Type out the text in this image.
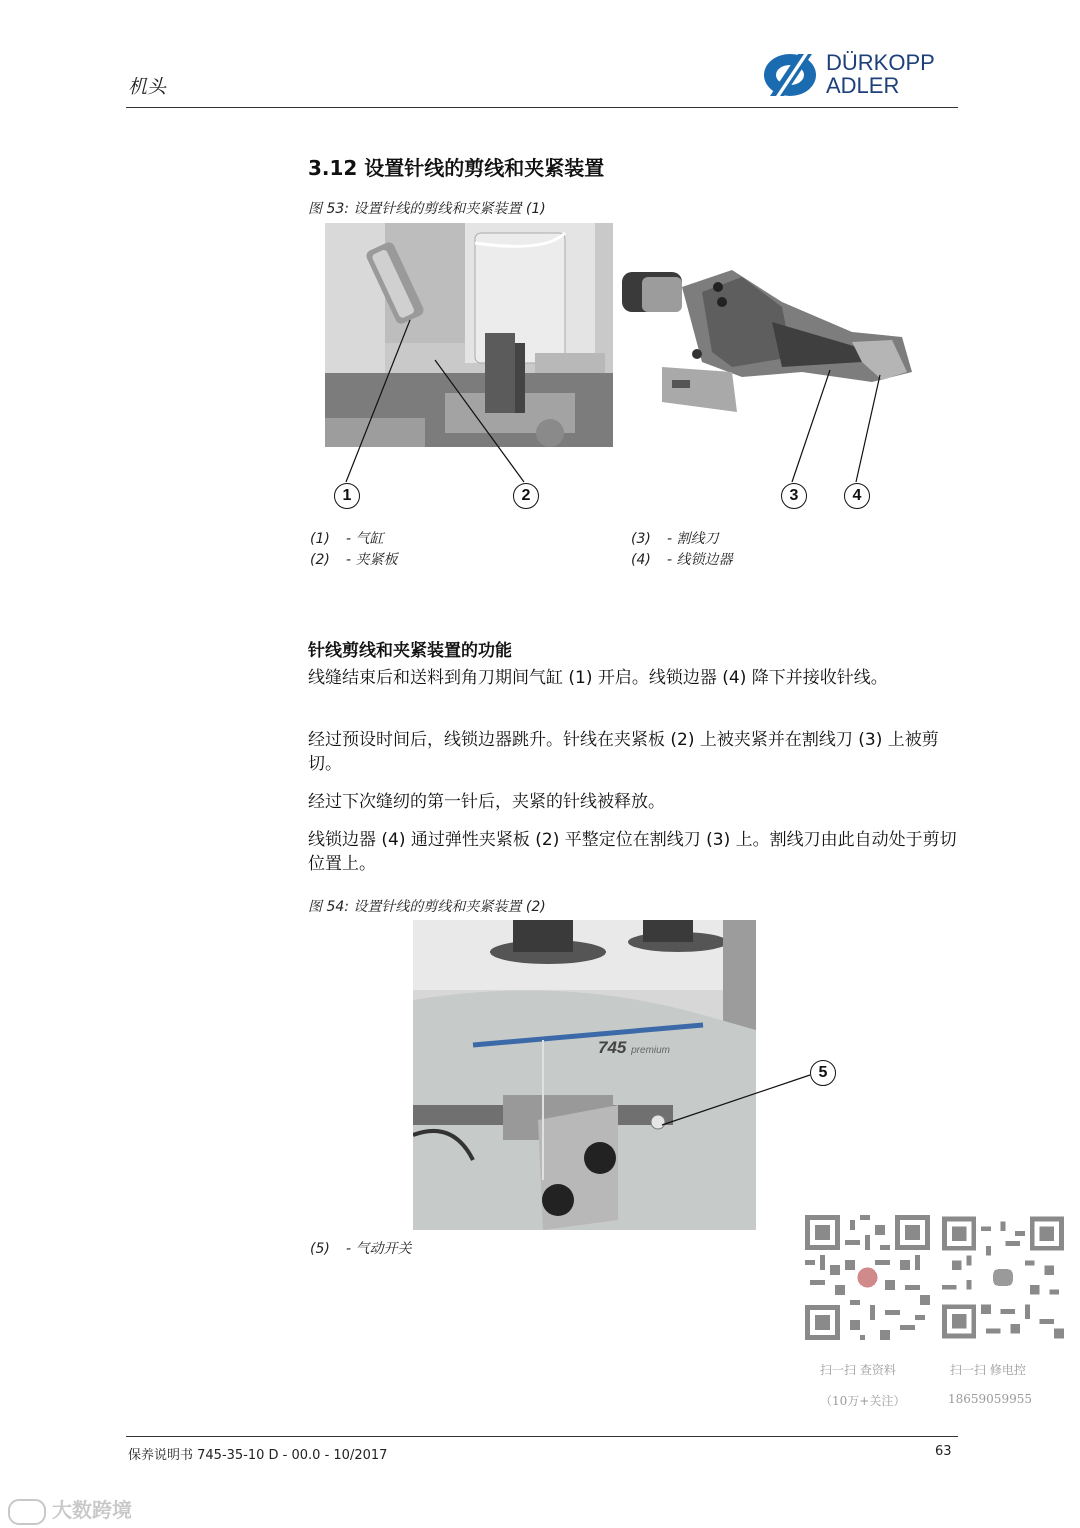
机头
DÜRKOPP
ADLER
3.12 设置针线的剪线和夹紧装置
图 53: 设置针线的剪线和夹紧装置 (1)
1	2	3	4
(1) - 气缸
(2) - 夹紧板
(3) - 割线刀
(4) - 线锁边器
针线剪线和夹紧装置的功能
线缝结束后和送料到角刀期间气缸 (1) 开启。线锁边器 (4) 降下并接收针线。
经过预设时间后，线锁边器跳升。针线在夹紧板 (2) 上被夹紧并在割线刀 (3) 上被剪切。
经过下次缝纫的第一针后，夹紧的针线被释放。
线锁边器 (4) 通过弹性夹紧板 (2) 平整定位在割线刀 (3) 上。割线刀由此自动处于剪切位置上。
图 54: 设置针线的剪线和夹紧装置 (2)
745 premium
5
(5) - 气动开关
扫一扫 查资料
（10万+关注）
扫一扫 修电控
18659059955
保养说明书 745-35-10 D - 00.0 - 10/2017	63
大数跨境
